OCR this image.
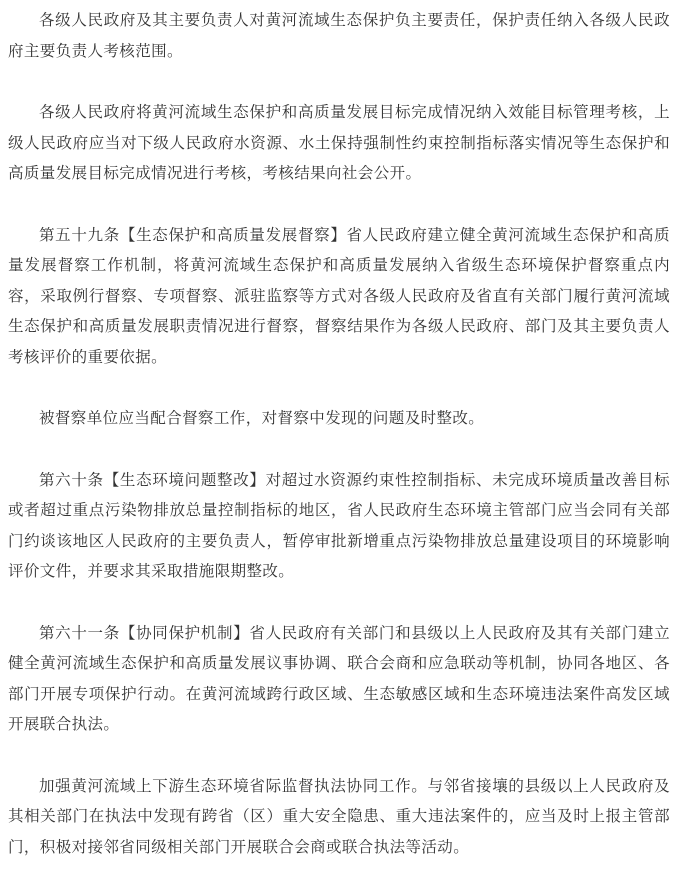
各级人民政府及其主要负责人对黄河流域生态保护负主要责任，保护责任纳入各级人民政府主要负责人考核范围。

各级人民政府将黄河流域生态保护和高质量发展目标完成情况纳入效能目标管理考核，上级人民政府应当对下级人民政府水资源、水土保持强制性约束控制指标落实情况等生态保护和高质量发展目标完成情况进行考核，考核结果向社会公开。

第五十九条【生态保护和高质量发展督察】省人民政府建立健全黄河流域生态保护和高质量发展督察工作机制，将黄河流域生态保护和高质量发展纳入省级生态环境保护督察重点内容，采取例行督察、专项督察、派驻监察等方式对各级人民政府及省直有关部门履行黄河流域生态保护和高质量发展职责情况进行督察，督察结果作为各级人民政府、部门及其主要负责人考核评价的重要依据。

被督察单位应当配合督察工作，对督察中发现的问题及时整改。

第六十条【生态环境问题整改】对超过水资源约束性控制指标、未完成环境质量改善目标或者超过重点污染物排放总量控制指标的地区，省人民政府生态环境主管部门应当会同有关部门约谈该地区人民政府的主要负责人，暂停审批新增重点污染物排放总量建设项目的环境影响评价文件，并要求其采取措施限期整改。

第六十一条【协同保护机制】省人民政府有关部门和县级以上人民政府及其有关部门建立健全黄河流域生态保护和高质量发展议事协调、联合会商和应急联动等机制，协同各地区、各部门开展专项保护行动。在黄河流域跨行政区域、生态敏感区域和生态环境违法案件高发区域开展联合执法。

加强黄河流域上下游生态环境省际监督执法协同工作。与邻省接壤的县级以上人民政府及其相关部门在执法中发现有跨省（区）重大安全隐患、重大违法案件的，应当及时上报主管部门，积极对接邻省同级相关部门开展联合会商或联合执法等活动。
